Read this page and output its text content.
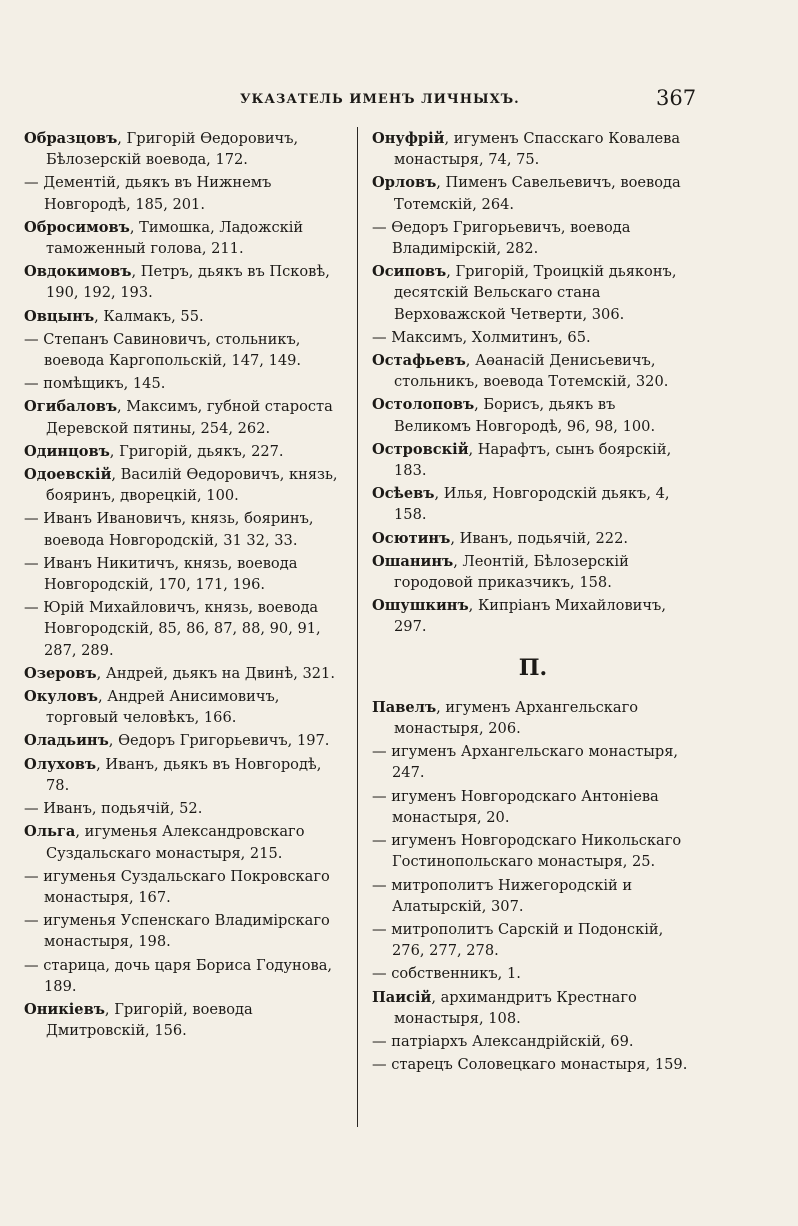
УКАЗАТЕЛЬ ИМЕНЪ ЛИЧНЫХЪ.	367
Образцовъ, Григорій Өедоровичъ, Бѣлозерскій воевода, 172.
— Дементій, дьякъ въ Нижнемъ Новгородѣ, 185, 201.
Обросимовъ, Тимошка, Ладожскій таможенный голова, 211.
Овдокимовъ, Петръ, дьякъ въ Псковѣ, 190, 192, 193.
Овцынъ, Калмакъ, 55.
— Степанъ Савиновичъ, стольникъ, воевода Каргопольскій, 147, 149.
— помѣщикъ, 145.
Огибаловъ, Максимъ, губной староста Деревской пятины, 254, 262.
Одинцовъ, Григорій, дьякъ, 227.
Одоевскій, Василій Өедоровичъ, князь, бояринъ, дворецкій, 100.
— Иванъ Ивановичъ, князь, бояринъ, воевода Новгородскій, 31 32, 33.
— Иванъ Никитичъ, князь, воевода Новгородскій, 170, 171, 196.
— Юрій Михайловичъ, князь, воевода Новгородскій, 85, 86, 87, 88, 90, 91, 287, 289.
Озеровъ, Андрей, дьякъ на Двинѣ, 321.
Окуловъ, Андрей Анисимовичъ, торговый человѣкъ, 166.
Оладьинъ, Өедоръ Григорьевичъ, 197.
Олуховъ, Иванъ, дьякъ въ Новгородѣ, 78.
— Иванъ, подьячій, 52.
Ольга, игуменья Александровскаго Суздальскаго монастыря, 215.
— игуменья Суздальскаго Покровскаго монастыря, 167.
— игуменья Успенскаго Владимірскаго монастыря, 198.
— старица, дочь царя Бориса Годунова, 189.
Оникіевъ, Григорій, воевода Дмитровскій, 156.
Онуфрій, игуменъ Спасскаго Ковалева монастыря, 74, 75.
Орловъ, Пименъ Савельевичъ, воевода Тотемскій, 264.
— Өедоръ Григорьевичъ, воевода Владимірскій, 282.
Осиповъ, Григорій, Троицкій дьяконъ, десятскій Вельскаго стана Верховажской Четверти, 306.
— Максимъ, Холмитинъ, 65.
Остафьевъ, Аөанасій Денисьевичъ, стольникъ, воевода Тотемскій, 320.
Остолоповъ, Борисъ, дьякъ въ Великомъ Новгородѣ, 96, 98, 100.
Островскій, Нарафтъ, сынъ боярскій, 183.
Осѣевъ, Илья, Новгородскій дьякъ, 4, 158.
Осютинъ, Иванъ, подьячій, 222.
Ошанинъ, Леонтій, Бѣлозерскій городовой приказчикъ, 158.
Ошушкинъ, Кипріанъ Михайловичъ, 297.
П.
Павелъ, игуменъ Архангельскаго монастыря, 206.
— игуменъ Архангельскаго монастыря, 247.
— игуменъ Новгородскаго Антоніева монастыря, 20.
— игуменъ Новгородскаго Никольскаго Гостинопольскаго монастыря, 25.
— митрополитъ Нижегородскій и Алатырскій, 307.
— митрополитъ Сарскій и Подонскій, 276, 277, 278.
— собственникъ, 1.
Паисій, архимандритъ Крестнаго монастыря, 108.
— патріархъ Александрійскій, 69.
— старецъ Соловецкаго монастыря, 159.
